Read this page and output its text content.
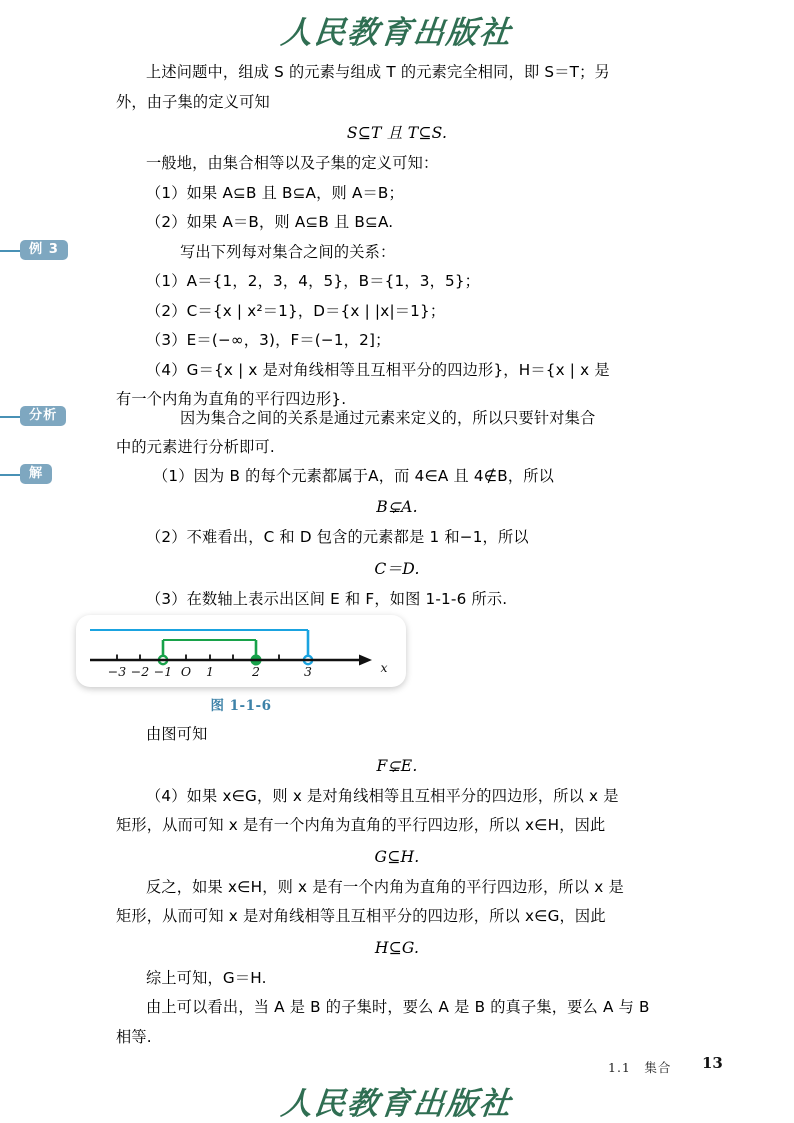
人民教育出版社
上述问题中，组成 S 的元素与组成 T 的元素完全相同，即 S＝T；另
外，由子集的定义可知
S⊆T 且 T⊆S.
一般地，由集合相等以及子集的定义可知：
（1）如果 A⊆B 且 B⊆A，则 A＝B；
（2）如果 A＝B，则 A⊆B 且 B⊆A.
例 3	写出下列每对集合之间的关系：
（1）A＝{1，2，3，4，5}，B＝{1，3，5}；
（2）C＝{x | x²＝1}，D＝{x | |x|＝1}；
（3）E＝(−∞，3)，F＝(−1，2]；
（4）G＝{x | x 是对角线相等且互相平分的四边形}，H＝{x | x 是
有一个内角为直角的平行四边形}.
分析	因为集合之间的关系是通过元素来定义的，所以只要针对集合
中的元素进行分析即可.
解	（1）因为 B 的每个元素都属于A，而 4∈A 且 4∉B，所以
B⊊A.
（2）不难看出，C 和 D 包含的元素都是 1 和−1，所以
C＝D.
（3）在数轴上表示出区间 E 和 F，如图 1-1-6 所示.
−3 −2 −1 O 1	2	3	x
图 1-1-6
由图可知
F⊊E.
（4）如果 x∈G，则 x 是对角线相等且互相平分的四边形，所以 x 是
矩形，从而可知 x 是有一个内角为直角的平行四边形，所以 x∈H，因此
G⊆H.
反之，如果 x∈H，则 x 是有一个内角为直角的平行四边形，所以 x 是
矩形，从而可知 x 是对角线相等且互相平分的四边形，所以 x∈G，因此
H⊆G.
综上可知，G＝H.
由上可以看出，当 A 是 B 的子集时，要么 A 是 B 的真子集，要么 A 与 B
相等.
1.1　集合 13
人民教育出版社
